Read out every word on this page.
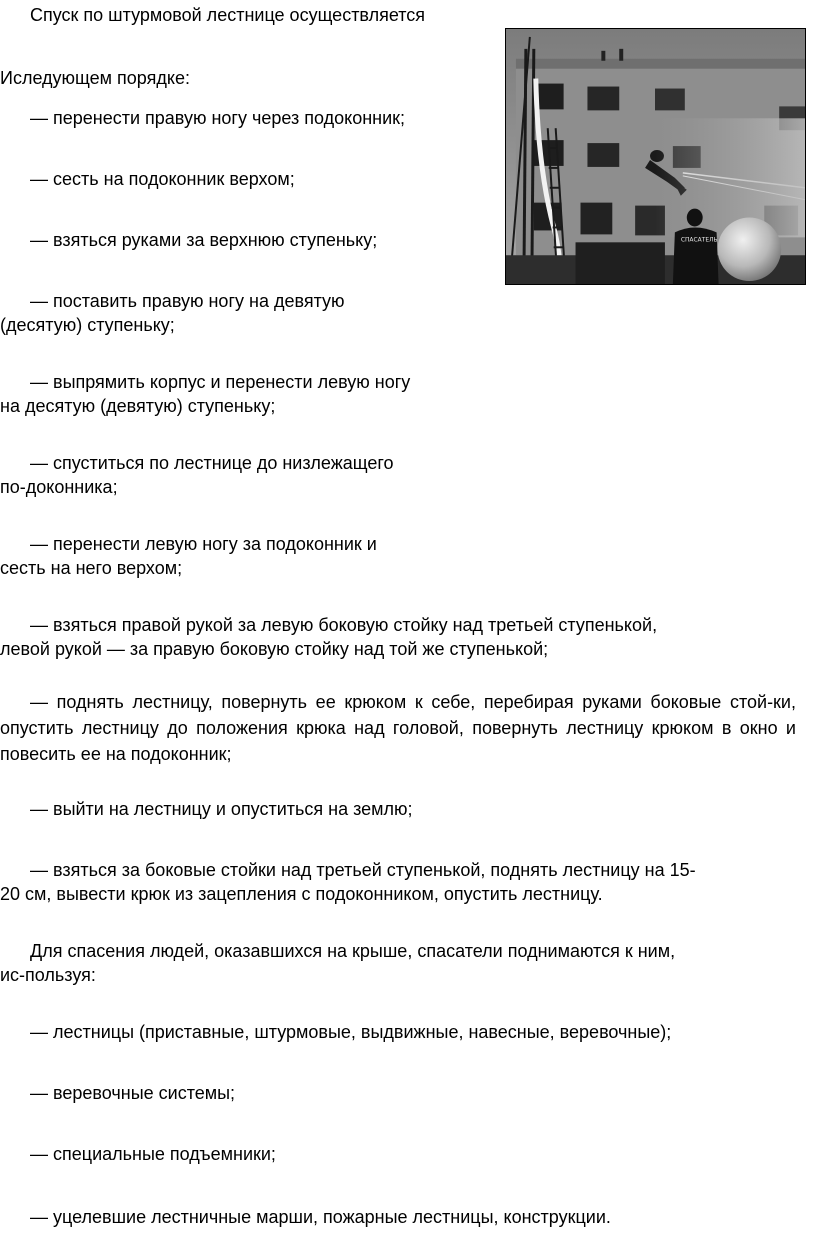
Спуск по штурмовой лестнице осуществляется
Иследующем порядке:
— перенести правую ногу через подоконник;
— сесть на подоконник верхом;
— взяться руками за верхнюю ступеньку;
— поставить правую ногу на девятую
(десятую) ступеньку;
— выпрямить корпус и перенести левую ногу
на десятую (девятую) ступеньку;
— спуститься по лестнице до низлежащего
по-доконника;
— перенести левую ногу за подоконник и
сесть на него верхом;
— взяться правой рукой за левую боковую стойку над третьей ступенькой,
левой рукой — за правую боковую стойку над той же ступенькой;
— поднять лестницу, повернуть ее крюком к себе, перебирая руками боковые стой-ки, опустить лестницу до положения крюка над головой, повернуть лестницу крюком в окно и повесить ее на подоконник;
— выйти на лестницу и опуститься на землю;
— взяться за боковые стойки над третьей ступенькой, поднять лестницу на 15-
20 см, вывести крюк из зацепления с подоконником, опустить лестницу.
Для спасения людей, оказавшихся на крыше, спасатели поднимаются к ним,
ис-пользуя:
— лестницы (приставные, штурмовые, выдвижные, навесные, веревочные);
— веревочные системы;
— специальные подъемники;
— уцелевшие лестничные марши, пожарные лестницы, конструкции.
СПАСАТЕЛЬ
